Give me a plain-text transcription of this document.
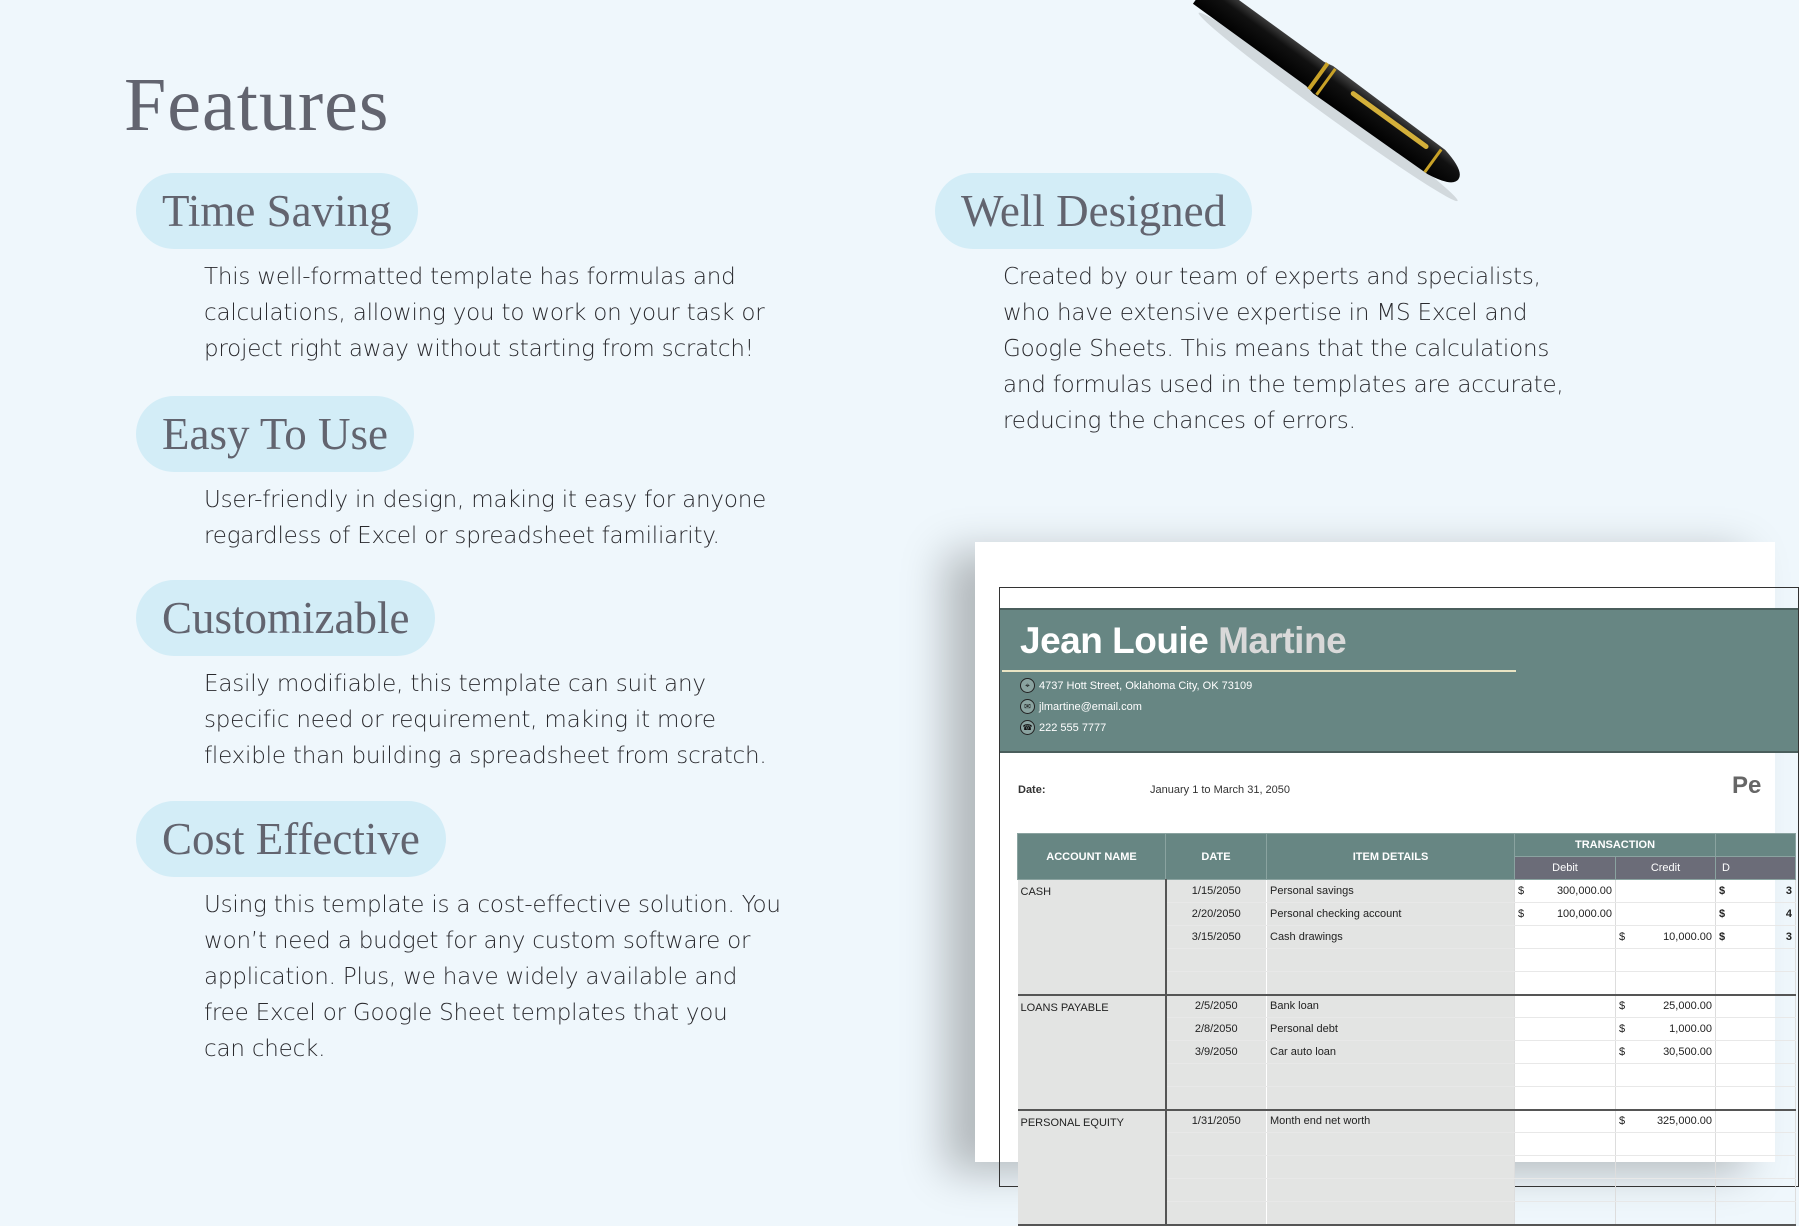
Features
Time Saving
This well-formatted template has formulas and
calculations, allowing you to work on your task or
project right away without starting from scratch!
Easy To Use
User-friendly in design, making it easy for anyone
regardless of Excel or spreadsheet familiarity.
Customizable
Easily modifiable, this template can suit any
specific need or requirement, making it more
flexible than building a spreadsheet from scratch.
Cost Effective
Using this template is a cost-effective solution. You
won’t need a budget for any custom software or
application. Plus, we have widely available and
free Excel or Google Sheet templates that you
can check.
Well Designed
Created by our team of experts and specialists,
who have extensive expertise in MS Excel and
Google Sheets. This means that the calculations
and formulas used in the templates are accurate,
reducing the chances of errors.
Jean Louie Martine
⌖ 4737 Hott Street, Oklahoma City, OK 73109
✉ jlmartine@email.com
☎ 222 555 7777
Date:	January 1 to March 31, 2050	Pe
ACCOUNT NAME	DATE	ITEM DETAILS	TRANSACTION		
			Debit	Credit	D
CASH	1/15/2050	Personal savings	$ 300,000.00		$ 3

	2/20/2050	Personal checking account	$ 100,000.00		$ 4

	3/15/2050	Cash drawings		$ 10,000.00	$ 3

LOANS PAYABLE	2/5/2050	Bank loan		$ 25,000.00	

	2/8/2050	Personal debt		$ 1,000.00	

	3/9/2050	Car auto loan		$ 30,500.00	

PERSONAL EQUITY	1/31/2050	Month end net worth		$ 325,000.00	
